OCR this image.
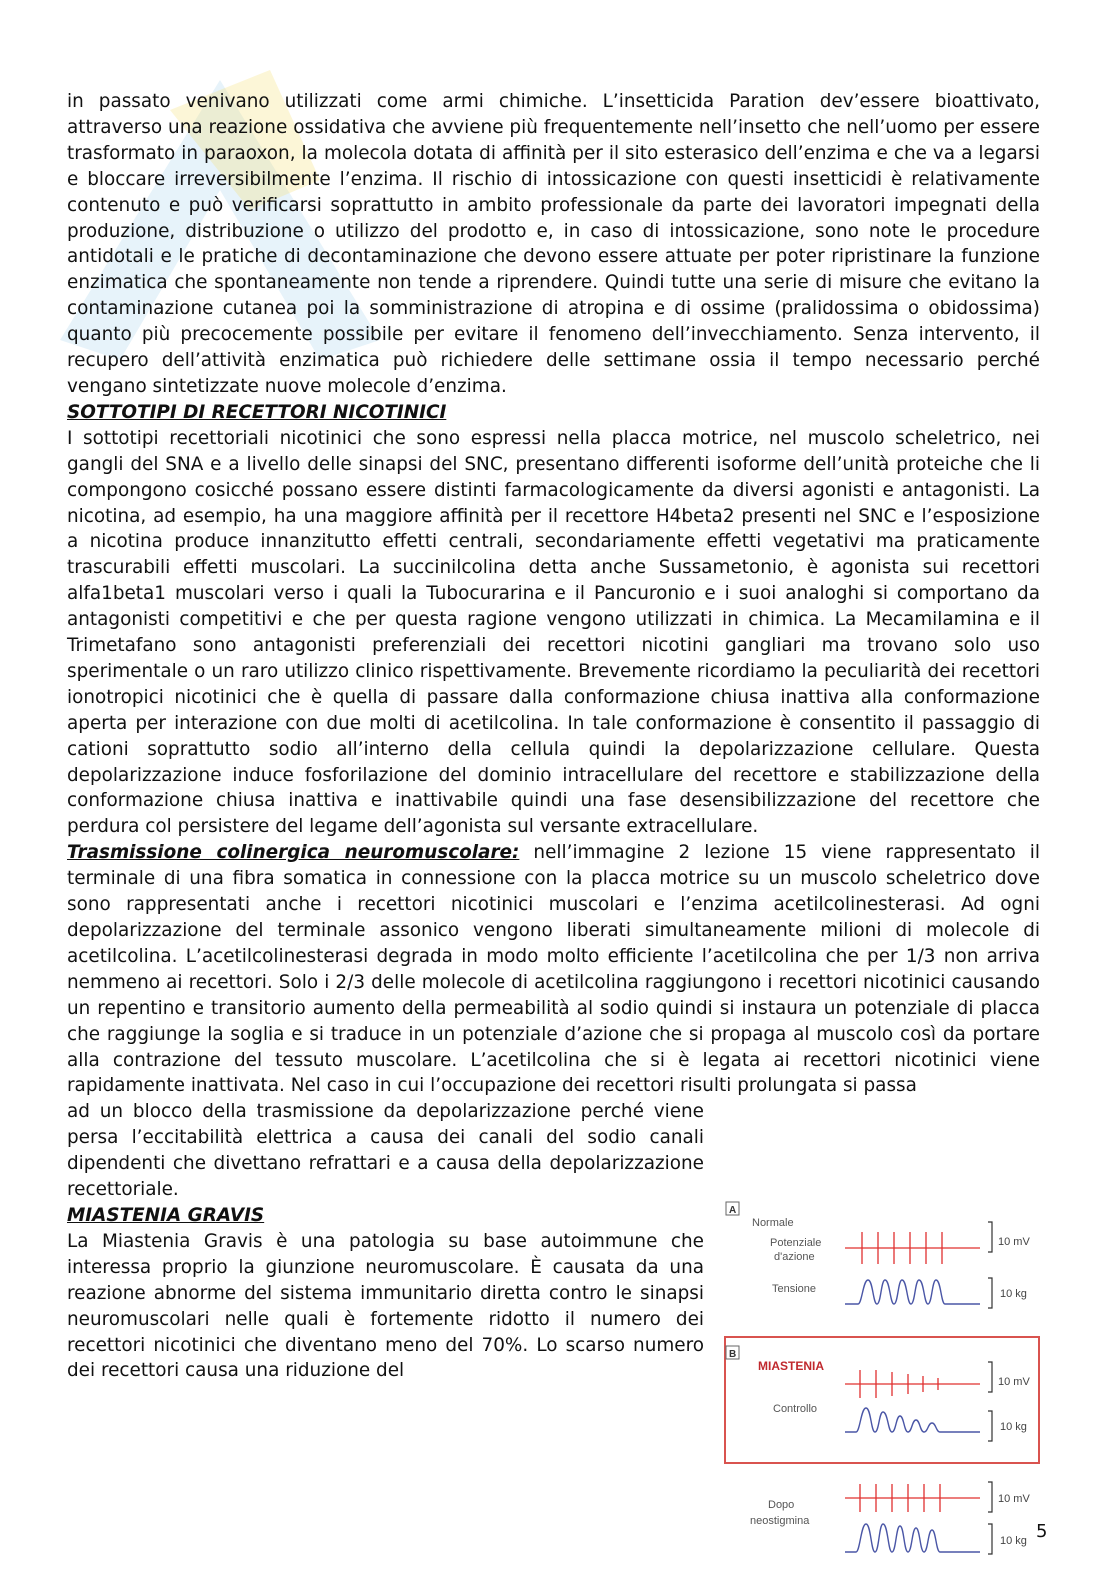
in passato venivano utilizzati come armi chimiche. L’insetticida Paration dev’essere bioattivato, attraverso una reazione ossidativa che avviene più frequentemente nell’insetto che nell’uomo per essere trasformato in paraoxon, la molecola dotata di affinità per il sito esterasico dell’enzima e che va a legarsi e bloccare irreversibilmente l’enzima. Il rischio di intossicazione con questi insetticidi è relativamente contenuto e può verificarsi soprattutto in ambito professionale da parte dei lavoratori impegnati della produzione, distribuzione o utilizzo del prodotto e, in caso di intossicazione, sono note le procedure antidotali e le pratiche di decontaminazione che devono essere attuate per poter ripristinare la funzione enzimatica che spontaneamente non tende a riprendere. Quindi tutte una serie di misure che evitano la contaminazione cutanea poi la somministrazione di atropina e di ossime (pralidossima o obidossima) quanto più precocemente possibile per evitare il fenomeno dell’invecchiamento. Senza intervento, il recupero dell’attività enzimatica può richiedere delle settimane ossia il tempo necessario perché vengano sintetizzate nuove molecole d’enzima.

SOTTOTIPI DI RECETTORI NICOTINICI

I sottotipi recettoriali nicotinici che sono espressi nella placca motrice, nel muscolo scheletrico, nei gangli del SNA e a livello delle sinapsi del SNC, presentano differenti isoforme dell’unità proteiche che li compongono cosicché possano essere distinti farmacologicamente da diversi agonisti e antagonisti. La nicotina, ad esempio, ha una maggiore affinità per il recettore H4beta2 presenti nel SNC e l’esposizione a nicotina produce innanzitutto effetti centrali, secondariamente effetti vegetativi ma praticamente trascurabili effetti muscolari. La succinilcolina detta anche Sussametonio, è agonista sui recettori alfa1beta1 muscolari verso i quali la Tubocurarina e il Pancuronio e i suoi analoghi si comportano da antagonisti competitivi e che per questa ragione vengono utilizzati in chimica. La Mecamilamina e il Trimetafano sono antagonisti preferenziali dei recettori nicotini gangliari ma trovano solo uso sperimentale o un raro utilizzo clinico rispettivamente. Brevemente ricordiamo la peculiarità dei recettori ionotropici nicotinici che è quella di passare dalla conformazione chiusa inattiva alla conformazione aperta per interazione con due molti di acetilcolina. In tale conformazione è consentito il passaggio di cationi soprattutto sodio all’interno della cellula quindi la depolarizzazione cellulare. Questa depolarizzazione induce fosforilazione del dominio intracellulare del recettore e stabilizzazione della conformazione chiusa inattiva e inattivabile quindi una fase desensibilizzazione del recettore che perdura col persistere del legame dell’agonista sul versante extracellulare.

Trasmissione colinergica neuromuscolare: nell’immagine 2 lezione 15 viene rappresentato il terminale di una fibra somatica in connessione con la placca motrice su un muscolo scheletrico dove sono rappresentati anche i recettori nicotinici muscolari e l’enzima acetilcolinesterasi. Ad ogni depolarizzazione del terminale assonico vengono liberati simultaneamente milioni di molecole di acetilcolina. L’acetilcolinesterasi degrada in modo molto efficiente l’acetilcolina che per 1/3 non arriva nemmeno ai recettori. Solo i 2/3 delle molecole di acetilcolina raggiungono i recettori nicotinici causando un repentino e transitorio aumento della permeabilità al sodio quindi si instaura un potenziale di placca che raggiunge la soglia e si traduce in un potenziale d’azione che si propaga al muscolo così da portare alla contrazione del tessuto muscolare. L’acetilcolina che si è legata ai recettori nicotinici viene rapidamente inattivata. Nel caso in cui l’occupazione dei recettori risulti prolungata si passa

ad un blocco della trasmissione da depolarizzazione perché viene persa l’eccitabilità elettrica a causa dei canali del sodio canali dipendenti che divettano refrattari e a causa della depolarizzazione recettoriale.

MIASTENIA GRAVIS

La Miastenia Gravis è una patologia su base autoimmune che interessa proprio la giunzione neuromuscolare. È causata da una reazione abnorme del sistema immunitario diretta contro le sinapsi neuromuscolari nelle quali è fortemente ridotto il numero dei recettori nicotinici che diventano meno del 70%. Lo scarso numero dei recettori causa una riduzione del

A
Normale
Potenziale
d'azione
Tensione
10 mV
10 kg
B
MIASTENIA
Controllo
10 mV
10 kg
Dopo
neostigmina
10 mV
10 kg 5
